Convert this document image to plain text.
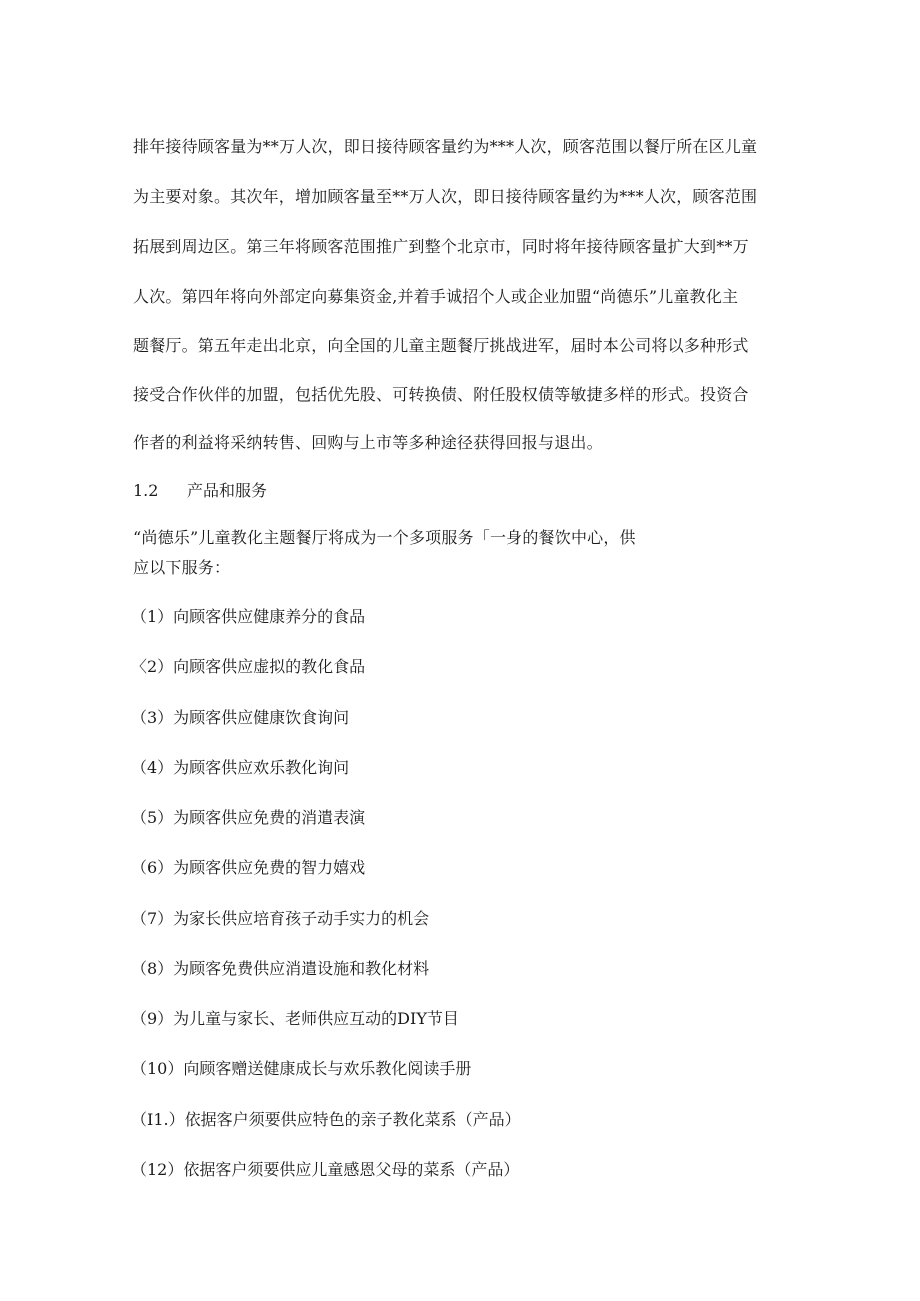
排年接待顾客量为**万人次，即日接待顾客量约为***人次，顾客范围以餐厅所在区儿童
为主要对象。其次年，增加顾客量至**万人次，即日接待顾客量约为***人次，顾客范围
拓展到周边区。第三年将顾客范围推广到整个北京市，同时将年接待顾客量扩大到**万
人次。第四年将向外部定向募集资金,并着手诚招个人或企业加盟“尚德乐”儿童教化主
题餐厅。第五年走出北京，向全国的儿童主题餐厅挑战进军，届时本公司将以多种形式
接受合作伙伴的加盟，包括优先股、可转换债、附任股权债等敏捷多样的形式。投资合
作者的利益将采纳转售、回购与上市等多种途径获得回报与退出。
1.2 产品和服务
“尚德乐”儿童教化主题餐厅将成为一个多项服务「一身的餐饮中心，供
应以下服务：
（1）向顾客供应健康养分的食品
〈2）向顾客供应虚拟的教化食品
（3）为顾客供应健康饮食询问
（4）为顾客供应欢乐教化询问
（5）为顾客供应免费的消遣表演
（6）为顾客供应免费的智力嬉戏
（7）为家长供应培育孩子动手实力的机会
（8）为顾客免费供应消遣设施和教化材料
（9）为儿童与家长、老师供应互动的DIY节目
（10）向顾客赠送健康成长与欢乐教化阅读手册
（I1.）依据客户须要供应特色的亲子教化菜系（产品）
（12）依据客户须要供应儿童感恩父母的菜系（产品）
